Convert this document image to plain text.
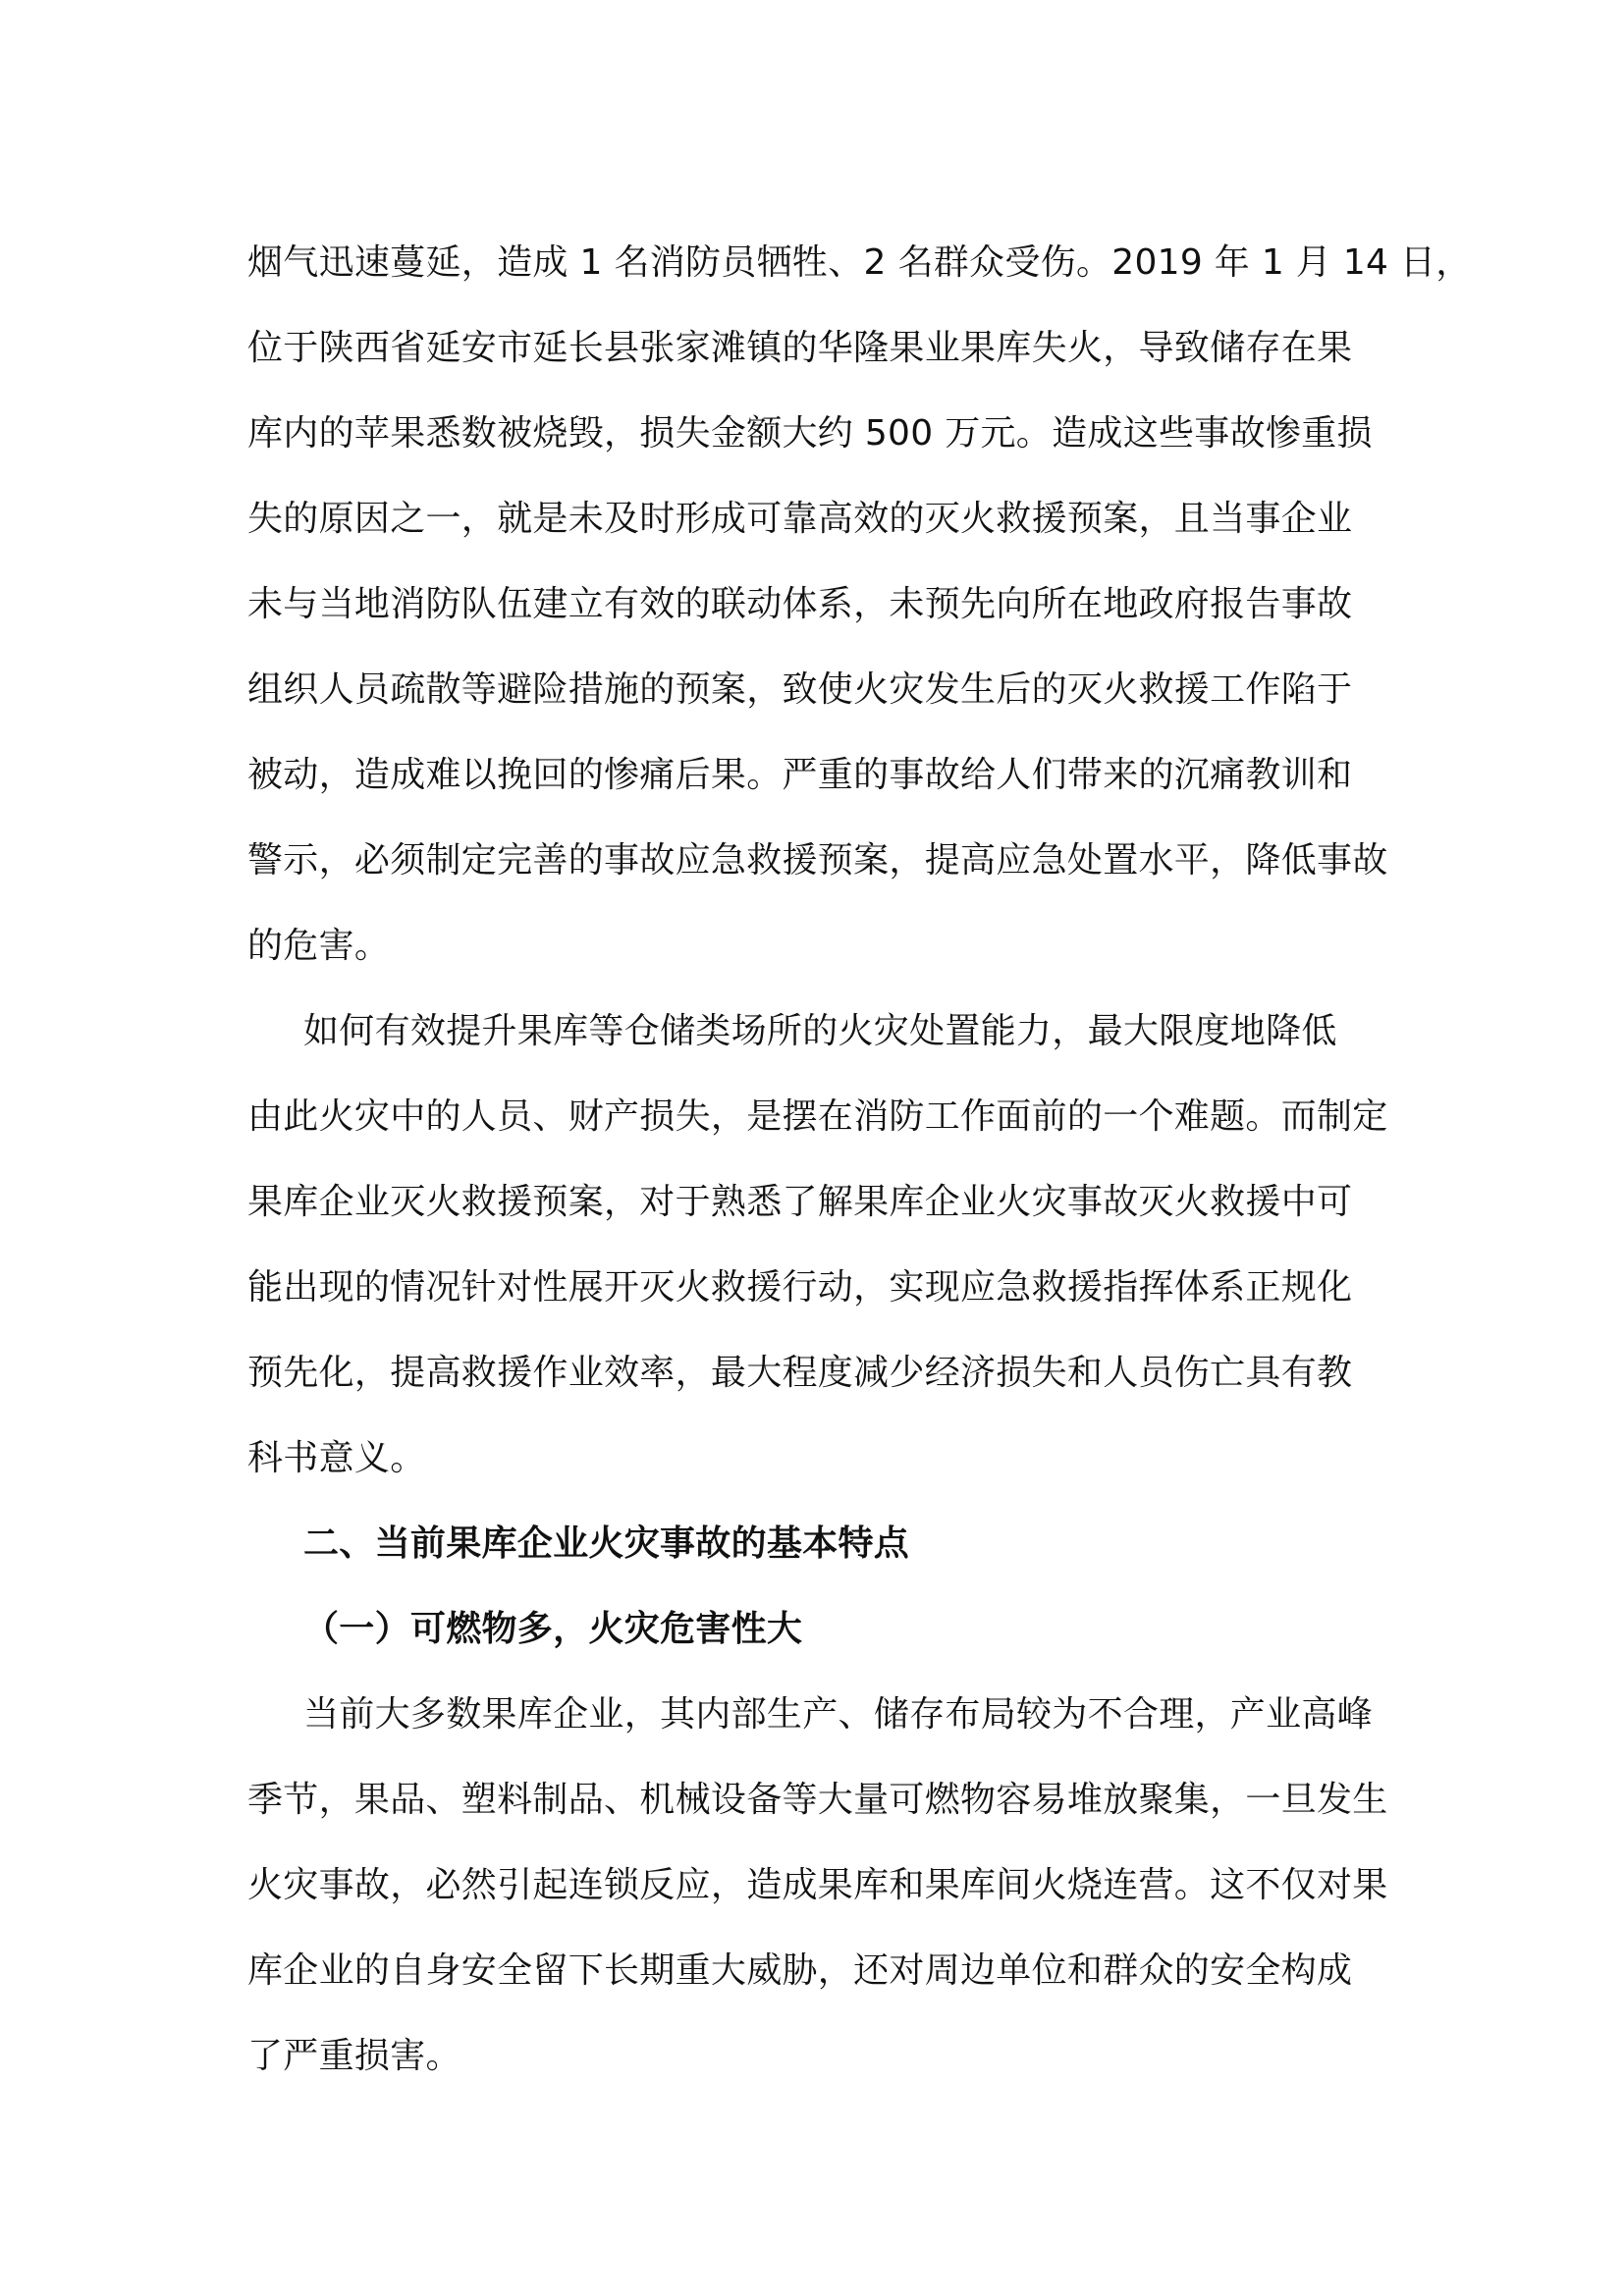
烟气迅速蔓延，造成 1 名消防员牺牲、2 名群众受伤。2019 年 1 月 14 日，
位于陕西省延安市延长县张家滩镇的华隆果业果库失火，导致储存在果
库内的苹果悉数被烧毁，损失金额大约 500 万元。造成这些事故惨重损
失的原因之一，就是未及时形成可靠高效的灭火救援预案，且当事企业
未与当地消防队伍建立有效的联动体系，未预先向所在地政府报告事故
组织人员疏散等避险措施的预案，致使火灾发生后的灭火救援工作陷于
被动，造成难以挽回的惨痛后果。严重的事故给人们带来的沉痛教训和
警示，必须制定完善的事故应急救援预案，提高应急处置水平，降低事故
的危害。
如何有效提升果库等仓储类场所的火灾处置能力，最大限度地降低
由此火灾中的人员、财产损失，是摆在消防工作面前的一个难题。而制定
果库企业灭火救援预案，对于熟悉了解果库企业火灾事故灭火救援中可
能出现的情况针对性展开灭火救援行动，实现应急救援指挥体系正规化
预先化，提高救援作业效率，最大程度减少经济损失和人员伤亡具有教
科书意义。
二、当前果库企业火灾事故的基本特点
（一）可燃物多，火灾危害性大
当前大多数果库企业，其内部生产、储存布局较为不合理，产业高峰
季节，果品、塑料制品、机械设备等大量可燃物容易堆放聚集，一旦发生
火灾事故，必然引起连锁反应，造成果库和果库间火烧连营。这不仅对果
库企业的自身安全留下长期重大威胁，还对周边单位和群众的安全构成
了严重损害。
